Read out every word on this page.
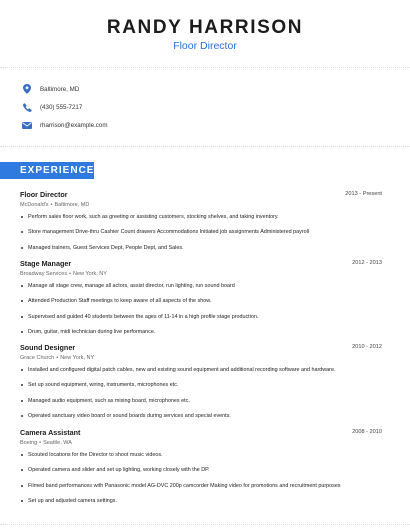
RANDY HARRISON
Floor Director
Baltimore, MD
(430) 555-7217
rharrison@example.com
EXPERIENCE
Floor Director	2013 - Present
McDonald's • Baltimore, MD
Perform sales floor work, such as greeting or assisting customers, stocking shelves, and taking inventory.
Store management Drive-thru Cashier Count drawers Accommodations Initiated job assignments Administered payroll
Managed trainers, Guest Services Dept, People Dept, and Sales.
Stage Manager	2012 - 2013
Broadway Services • New York, NY
Manage all stage crew, manage all actors, assist director, run lighting, run sound board
Attended Production Staff meetings to keep aware of all aspects of the show.
Supervised and guided 40 students between the ages of 11-14 in a high profile stage production.
Drum, guitar, midi technician during live performance.
Sound Designer	2010 - 2012
Grace Church • New York, NY
Installed and configured digital patch cables, new and existing sound equipment and additional recording software and hardware.
Set up sound equipment, wiring, instruments, microphones etc.
Managed audio equipment, such as mixing board, microphones etc.
Operated sanctuary video board or sound boards during services and special events.
Camera Assistant	2008 - 2010
Boeing • Seattle, WA
Scouted locations for the Director to shoot music videos.
Operated camera and slider and set up lighting, working closely with the DP.
Filmed band performances with Panasonic model AG-DVC 200p camcorder Making video for promotions and recruitment purposes
Set up and adjusted camera settings.
